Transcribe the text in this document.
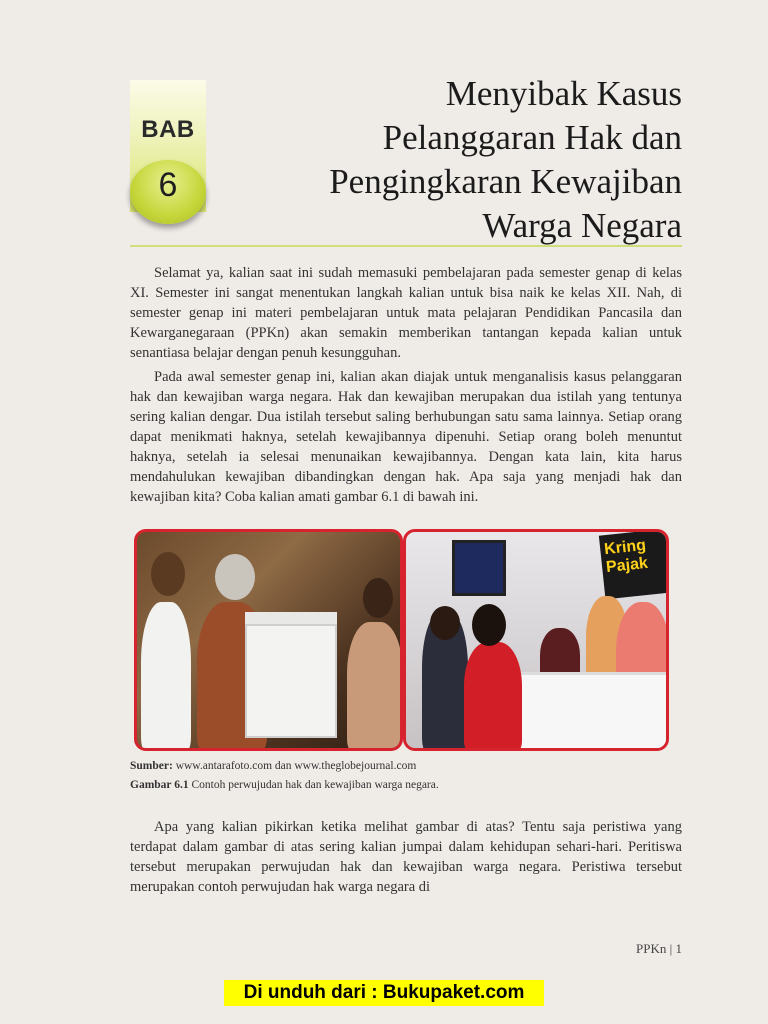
BAB
6
Menyibak Kasus
Pelanggaran Hak dan
Pengingkaran Kewajiban
Warga Negara

Selamat ya, kalian saat ini sudah memasuki pembelajaran pada semester genap di kelas XI. Semester ini sangat menentukan langkah kalian untuk bisa naik ke kelas XII. Nah, di semester genap ini materi pembelajaran untuk mata pelajaran Pendidikan Pancasila dan Kewarganegaraan (PPKn) akan semakin memberikan tantangan kepada kalian untuk senantiasa belajar dengan penuh kesungguhan.

Pada awal semester genap ini, kalian akan diajak untuk menganalisis kasus pelanggaran hak dan kewajiban warga negara. Hak dan kewajiban merupakan dua istilah yang tentunya sering kalian dengar. Dua istilah tersebut saling berhubungan satu sama lainnya. Setiap orang dapat menikmati haknya, setelah kewajibannya dipenuhi. Setiap orang boleh menuntut haknya, setelah ia selesai menunaikan kewajibannya. Dengan kata lain, kita harus mendahulukan kewajiban dibandingkan dengan hak. Apa saja yang menjadi hak dan kewajiban kita? Coba kalian amati gambar 6.1 di bawah ini.

Kring Pajak
Sumber: www.antarafoto.com dan www.theglobejournal.com
Gambar 6.1 Contoh perwujudan hak dan kewajiban warga negara.

Apa yang kalian pikirkan ketika melihat gambar di atas? Tentu saja peristiwa yang terdapat dalam gambar di atas sering kalian jumpai dalam kehidupan sehari-hari. Peritiswa tersebut merupakan perwujudan hak dan kewajiban warga negara. Peristiwa tersebut merupakan contoh perwujudan hak warga negara di

PPKn | 1
Di unduh dari : Bukupaket.com
